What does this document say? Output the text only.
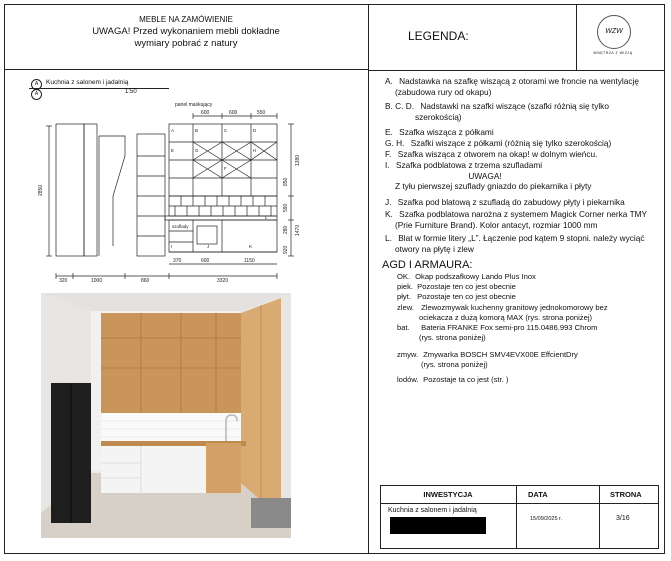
MEBLE NA ZAMÓWIENIE
UWAGA! Przed wykonaniem mebli dokładne
wymiary pobrać z natury
LEGENDA:	WZW
WNĘTRZA Z WIZJĄ
A
A
Kuchnia z salonem i jadalnią
1:50
panel maskujący
600	600	550
2850
1380
850
590
280 1470
920
370	600	1150
320	1000	860	3320
szuflady
A	B	C	D
E	G	H
F
I	J	K
L
A. Nadstawka na szafkę wiszącą z otorami we froncie na wentylację
(zabudowa rury od okapu)
B. C. D. Nadstawki na szafki wiszące (szafki różnią się tylko
szerokością)
E. Szafka wisząca z półkami
G. H. Szafki wiszące z półkami (różnią się tylko szerokością)
F. Szafka wisząca z otworem na okap! w dolnym wieńcu.
I. Szafka podblatowa z trzema szufladami

UWAGA!
Z tyłu pierwszej szuflady gniazdo do piekarnika i płyty
J. Szafka pod blatową z szufladą do zabudowy płyty i piekarnika
K. Szafka podblatowa narożna z systemem Magick Corner nerka TMY
(Prie Furniture Brand). Kolor antacyt, rozmiar 1000 mm
L. Blat w formie litery „L”. Łączenie pod kątem 9 stopni. należy wyciąć
otwory na płytę i zlew
AGD I ARMAURA:
OK. Okap podszafkowy Lando Plus Inox
piek. Pozostaje ten co jest obecnie
płyt. Pozostaje ten co jest obecnie
zlew. Zlewozmywak kuchenny granitowy jednokomorowy bez
ociekacza z dużą komorą MAX (rys. strona poniżej)
bat. Bateria FRANKE Fox semi-pro 115.0486.993 Chrom
(rys. strona poniżej)
zmyw. Zmywarka BOSCH SMV4EVX00E EffcientDry
(rys. strona poniżej)
lodów. Pozostaje ta co jest (str. )
INWESTYCJA	DATA	STRONA
Kuchnia z salonem i jadalnią
15/09/2025 r.	3/16
